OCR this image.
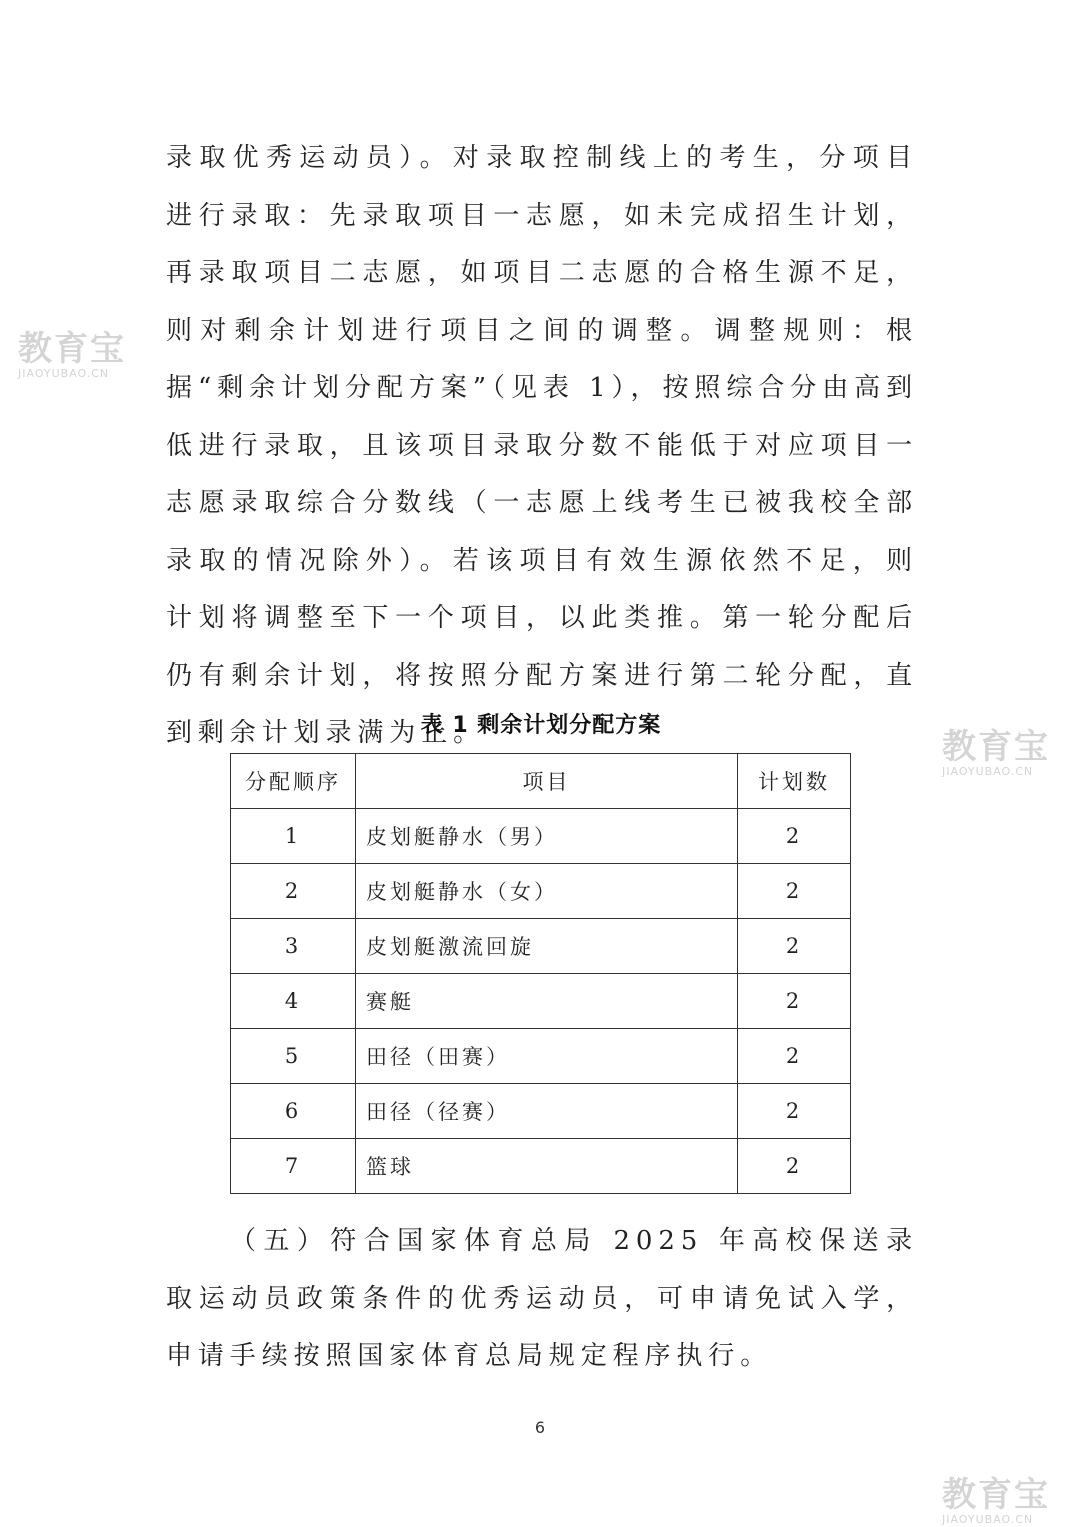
录取优秀运动员）。对录取控制线上的考生，分项目进行录取：先录取项目一志愿，如未完成招生计划，再录取项目二志愿，如项目二志愿的合格生源不足，则对剩余计划进行项目之间的调整。调整规则：根据“剩余计划分配方案”（见表 1），按照综合分由高到低进行录取，且该项目录取分数不能低于对应项目一志愿录取综合分数线（一志愿上线考生已被我校全部录取的情况除外）。若该项目有效生源依然不足，则计划将调整至下一个项目，以此类推。第一轮分配后仍有剩余计划，将按照分配方案进行第二轮分配，直到剩余计划录满为止。

表 1 剩余计划分配方案
分配顺序	项目	计划数
1	皮划艇静水（男）	2
2	皮划艇静水（女）	2
3	皮划艇激流回旋	2
4	赛艇	2
5	田径（田赛）	2
6	田径（径赛）	2
7	篮球	2

（五）符合国家体育总局 2025 年高校保送录取运动员政策条件的优秀运动员，可申请免试入学，申请手续按照国家体育总局规定程序执行。

6
教育宝
JIAOYUBAO.CN
教育宝
JIAOYUBAO.CN
教育宝
JIAOYUBAO.CN
